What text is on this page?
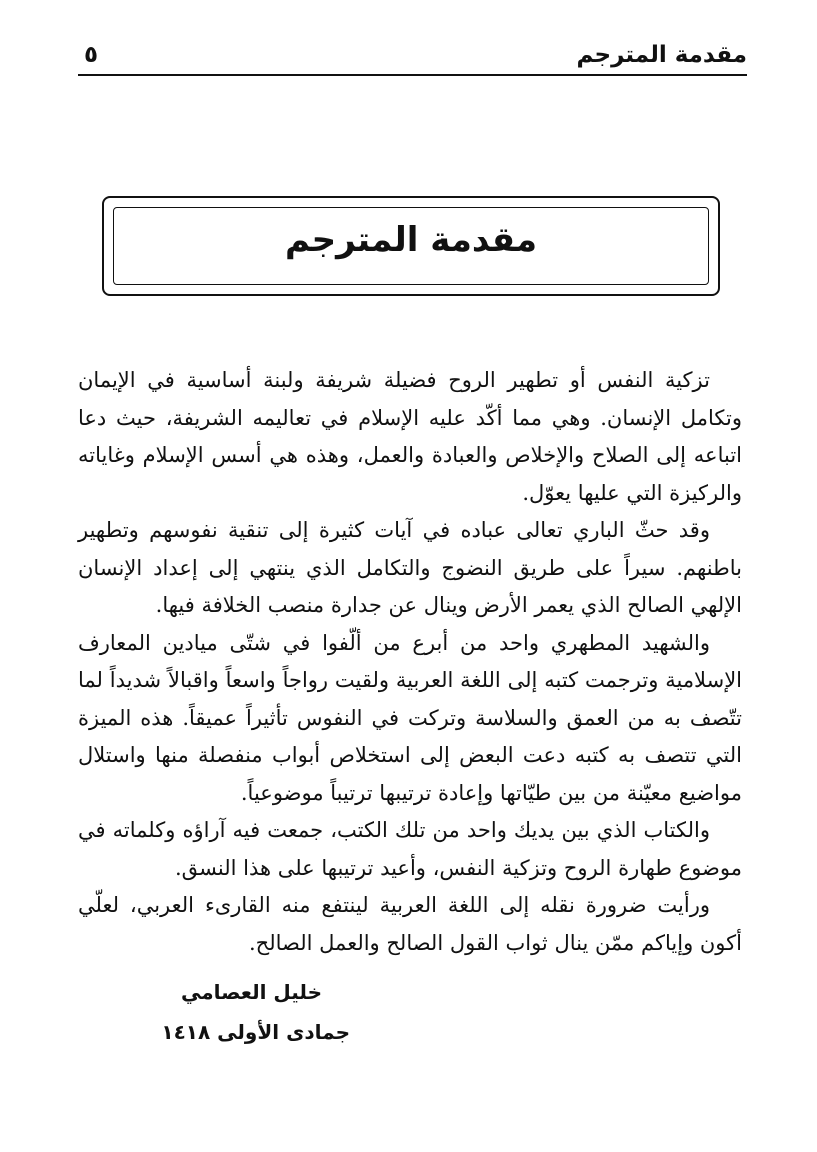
مقدمة المترجم
٥
مقدمة المترجم

تزكية النفس أو تطهير الروح فضيلة شريفة ولبنة أساسية في الإيمان وتكامل الإنسان. وهي مما أكّد عليه الإسلام في تعاليمه الشريفة، حيث دعا اتباعه إلى الصلاح والإخلاص والعبادة والعمل، وهذه هي أسس الإسلام وغاياته والركيزة التي عليها يعوّل.

وقد حثّ الباري تعالى عباده في آيات كثيرة إلى تنقية نفوسهم وتطهير باطنهم. سيراً على طريق النضوج والتكامل الذي ينتهي إلى إعداد الإنسان الإلهي الصالح الذي يعمر الأرض وينال عن جدارة منصب الخلافة فيها.

والشهيد المطهري واحد من أبرع من ألّفوا في شتّى ميادين المعارف الإسلامية وترجمت كتبه إلى اللغة العربية ولقيت رواجاً واسعاً واقبالاً شديداً لما تتّصف به من العمق والسلاسة وتركت في النفوس تأثيراً عميقاً. هذه الميزة التي تتصف به كتبه دعت البعض إلى استخلاص أبواب منفصلة منها واستلال مواضيع معيّنة من بين طيّاتها وإعادة ترتيبها ترتيباً موضوعياً.

والكتاب الذي بين يديك واحد من تلك الكتب، جمعت فيه آراؤه وكلماته في موضوع طهارة الروح وتزكية النفس، وأعيد ترتيبها على هذا النسق.

ورأيت ضرورة نقله إلى اللغة العربية لينتفع منه القارىء العربي، لعلّي أكون وإياكم ممّن ينال ثواب القول الصالح والعمل الصالح.

خليل العصامي
جمادى الأولى ١٤١٨
